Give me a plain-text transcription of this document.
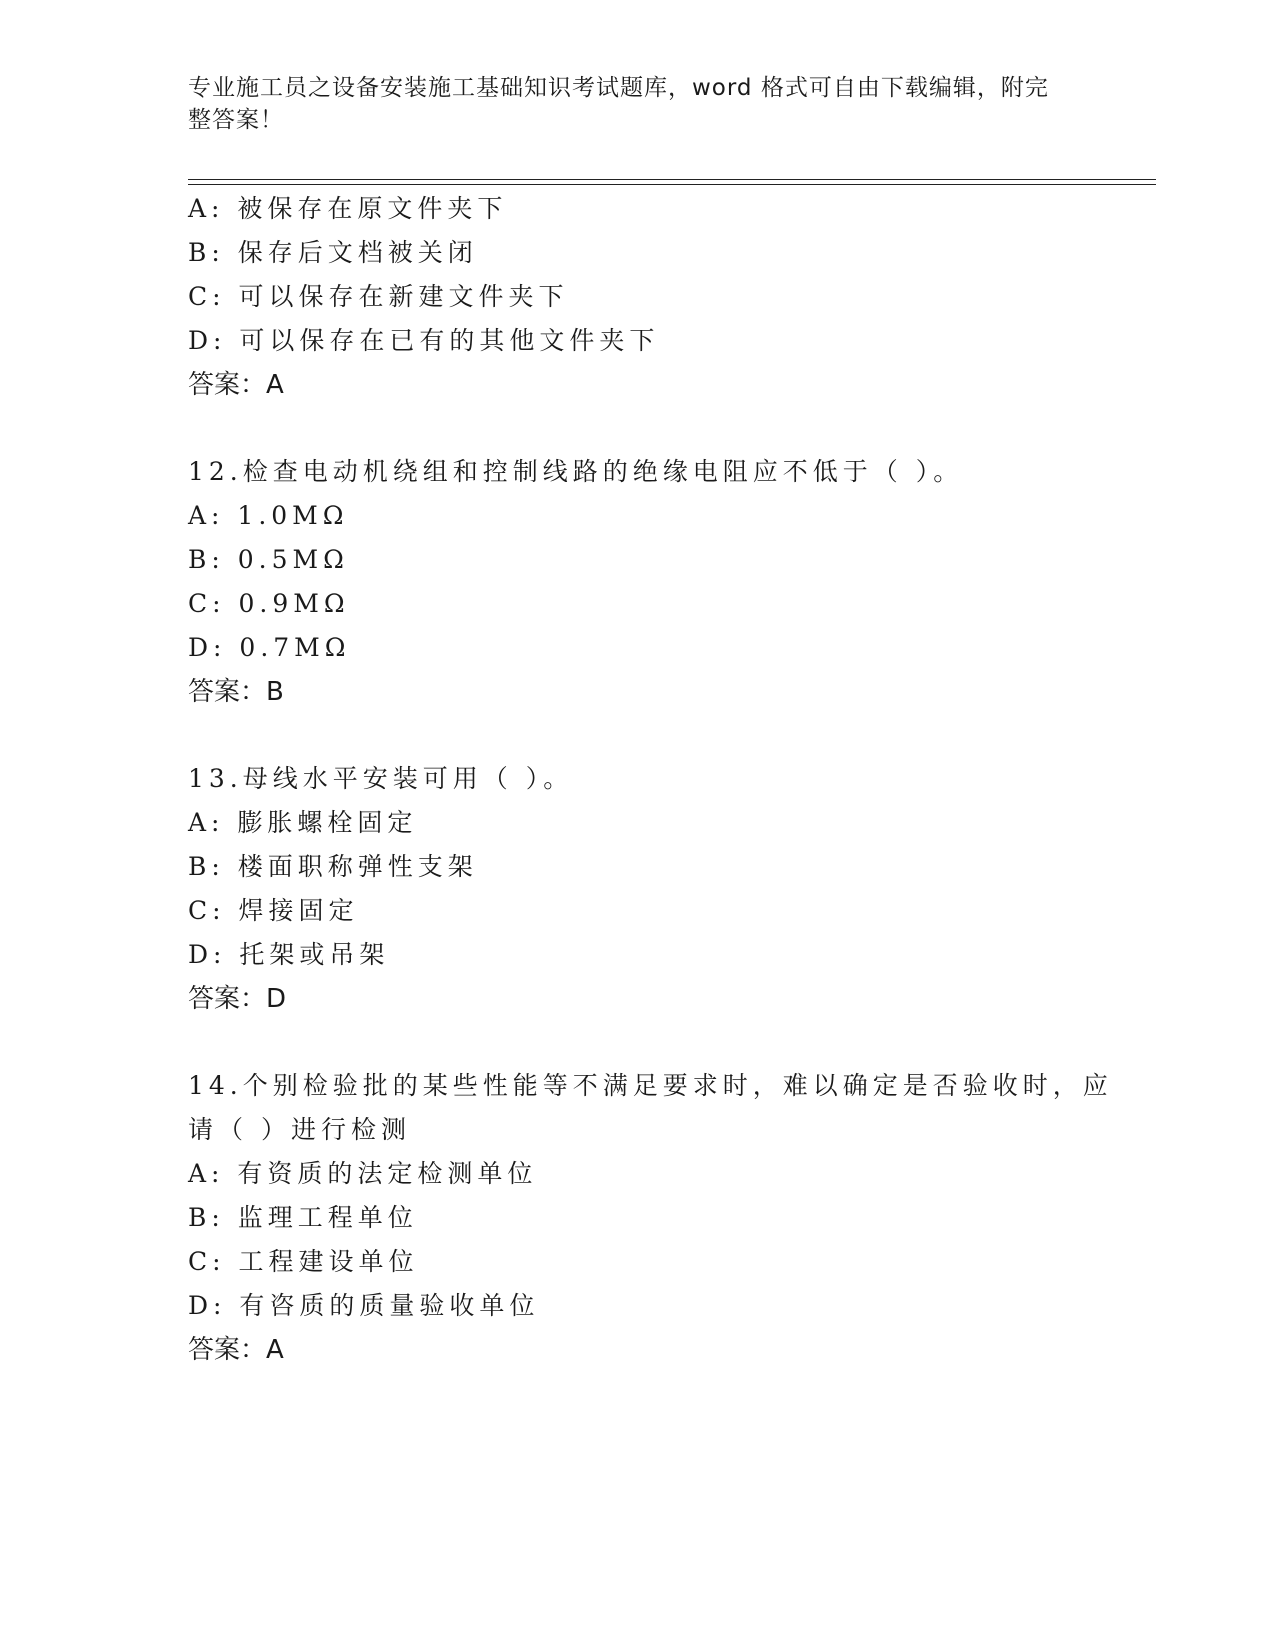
专业施工员之设备安装施工基础知识考试题库，word 格式可自由下载编辑，附完
整答案！
A: 被保存在原文件夹下
B: 保存后文档被关闭
C: 可以保存在新建文件夹下
D: 可以保存在已有的其他文件夹下
答案：A
12.检查电动机绕组和控制线路的绝缘电阻应不低于（ ）。
A: 1.0MΩ
B: 0.5MΩ
C: 0.9MΩ
D: 0.7MΩ
答案：B
13.母线水平安装可用（ ）。
A: 膨胀螺栓固定
B: 楼面职称弹性支架
C: 焊接固定
D: 托架或吊架
答案：D
14.个别检验批的某些性能等不满足要求时，难以确定是否验收时，应
请（ ）进行检测
A: 有资质的法定检测单位
B: 监理工程单位
C: 工程建设单位
D: 有咨质的质量验收单位
答案：A
